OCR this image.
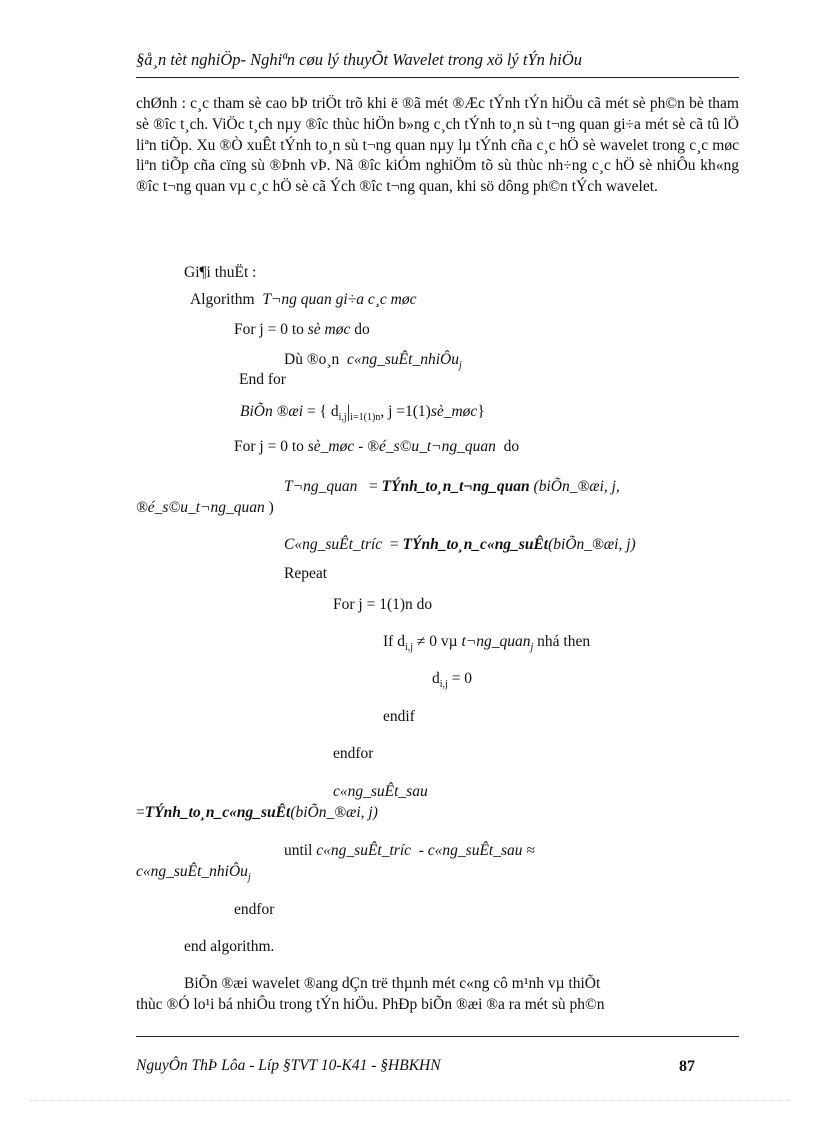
§å¸n tèt nghiÖp- Nghiªn cøu lý thuyÕt Wavelet trong xö lý tÝn hiÖu
chØnh : c¸c tham sè cao bÞ triÖt trõ khi ë ®ã mét ®Æc tÝnh tÝn hiÖu cã mét sè ph©n bè tham sè ®îc t¸ch. ViÖc t¸ch nµy ®îc thùc hiÖn b»ng c¸ch tÝnh to¸n sù t¬ng quan gi÷a mét sè cã tû lÖ liªn tiÕp. Xu ®Ò xuÊt tÝnh to¸n sù t¬ng quan nµy lµ tÝnh cña c¸c hÖ sè wavelet trong c¸c møc liªn tiÕp cña cïng sù ®Þnh vÞ. Nã ®îc kiÓm nghiÖm tõ sù thùc nh÷ng c¸c hÖ sè nhiÔu kh«ng ®îc t¬ng quan vµ c¸c hÖ sè cã Ých ®îc t¬ng quan, khi sö dông ph©n tÝch wavelet.
Gi¶i thuËt :
Algorithm T¬ng quan gi÷a c¸c møc
For j = 0 to sè møc do
Dù ®o¸n c«ng_suÊt_nhiÔu$_j$
End for
BiÕn ®æi = { $d_{i,j}|_{i=1(1)n}$, j =1(1)sè_møc}
For j = 0 to sè_møc - ®é_s©u_t¬ng_quan do
T¬ng_quan = TÝnh_to¸n_t¬ng_quan (biÕn_®æi, j,
®é_s©u_t¬ng_quan )
C«ng_suÊt_tríc = TÝnh_to¸n_c«ng_suÊt(biÕn_®æi, j)
Repeat
For j = 1(1)n do
If $d_{i,j} \ne 0$ vµ t¬ng_quan$_j$ nhá then
$d_{i,j} = 0$
endif
endfor
c«ng_suÊt_sau
=TÝnh_to¸n_c«ng_suÊt(biÕn_®æi, j)
until c«ng_suÊt_tríc - c«ng_suÊt_sau ≈
c«ng_suÊt_nhiÔu$_j$
endfor
end algorithm.
BiÕn ®æi wavelet ®ang dÇn trë thµnh mét c«ng cô m¹nh vµ thiÕt
thùc ®Ó lo¹i bá nhiÔu trong tÝn hiÖu. PhÐp biÕn ®æi ®a ra mét sù ph©n
NguyÔn ThÞ Lôa - Líp §TVT 10-K41 - §HBKHN	87
